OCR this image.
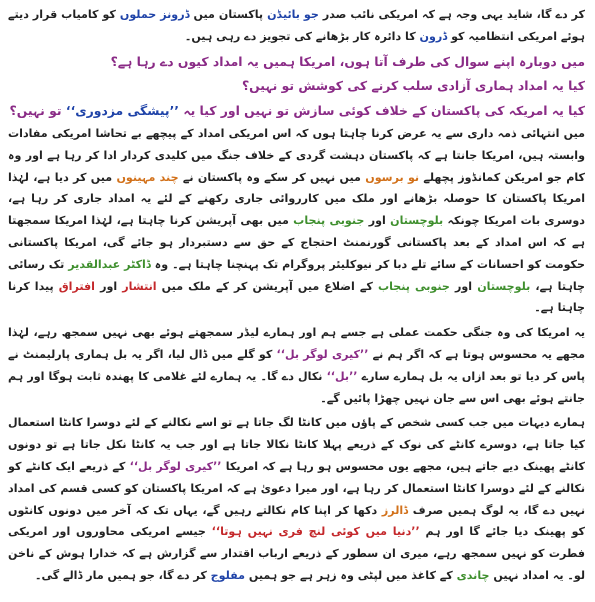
کر دے گا، شاید یہی وجہ ہے کہ امریکی نائب صدر جو بائیڈن پاکستان میں ڈرونز حملوں کو کامیاب قرار دیتے ہوئے امریکی انتظامیہ کو ڈرون کا دائرہ کار بڑھانے کی تجویز دے رہی ہیں۔

میں دوبارہ اپنے سوال کی طرف آتا ہوں، امریکا ہمیں یہ امداد کیوں دے رہا ہے؟

کیا یہ امداد ہماری آزادی سلب کرنے کی کوشش تو نہیں؟

کیا یہ امریکہ کی پاکستان کے خلاف کوئی سازش تو نہیں اور کیا یہ ’’پیشگی مزدوری‘‘ تو نہیں؟

میں انتہائی ذمہ داری سے یہ عرض کرنا چاہتا ہوں کہ اس امریکی امداد کے پیچھے بے تحاشا امریکی مفادات وابستہ ہیں، امریکا جانتا ہے کہ پاکستان دہشت گردی کے خلاف جنگ میں کلیدی کردار ادا کر رہا ہے اور وہ کام جو امریکن کمانڈوز پچھلے نو برسوں میں نہیں کر سکے وہ پاکستان نے چند مہینوں میں کر دیا ہے، لہٰذا امریکا پاکستان کا حوصلہ بڑھانے اور ملک میں کارروائی جاری رکھنے کے لئے یہ امداد جاری کر رہا ہے، دوسری بات امریکا چونکہ بلوچستان اور جنوبی پنجاب میں بھی آپریشن کرنا چاہتا ہے، لہٰذا امریکا سمجھتا ہے کہ اس امداد کے بعد پاکستانی گورنمنٹ احتجاج کے حق سے دستبردار ہو جائے گی، امریکا پاکستانی حکومت کو احسانات کے سائے تلے دبا کر نیوکلیئر پروگرام تک پہنچنا چاہتا ہے۔ وہ ڈاکٹر عبدالقدیر تک رسائی چاہتا ہے، بلوچستان اور جنوبی پنجاب کے اضلاع میں آپریشن کر کے ملک میں انتشار اور افتراق پیدا کرنا چاہتا ہے۔

یہ امریکا کی وہ جنگی حکمت عملی ہے جسے ہم اور ہمارے لیڈر سمجھتے ہوئے بھی نہیں سمجھ رہے، لہٰذا مجھے یہ محسوس ہوتا ہے کہ اگر ہم نے ’’کیری لوگر بل‘‘ کو گلے میں ڈال لیا، اگر یہ بل ہماری پارلیمنٹ نے پاس کر دیا تو بعد ازاں یہ بل ہمارے سارے ’’بل‘‘ نکال دے گا۔ یہ ہمارے لئے غلامی کا پھندہ ثابت ہوگا اور ہم جانتے ہوئے بھی اس سے جان نہیں چھڑا پائیں گے۔

ہمارے دیہات میں جب کسی شخص کے پاؤں میں کانٹا لگ جاتا ہے تو اسے نکالنے کے لئے دوسرا کانٹا استعمال کیا جاتا ہے، دوسرے کانٹے کی نوک کے ذریعے پہلا کانٹا نکالا جاتا ہے اور جب یہ کانٹا نکل جاتا ہے تو دونوں کانٹے پھینک دیے جاتے ہیں، مجھے یوں محسوس ہو رہا ہے کہ امریکا ’’کیری لوگر بل‘‘ کے ذریعے ایک کانٹے کو نکالنے کے لئے دوسرا کانٹا استعمال کر رہا ہے، اور میرا دعویٰ ہے کہ امریکا پاکستان کو کسی قسم کی امداد نہیں دے گا، یہ لوگ ہمیں صرف ڈالرز دکھا کر اپنا کام نکالتے رہیں گے، یہاں تک کہ آخر میں دونوں کانٹوں کو پھینک دیا جائے گا اور ہم ’’دنیا میں کوئی لنچ فری نہیں ہوتا‘‘ جیسے امریکی محاوروں اور امریکی فطرت کو نہیں سمجھ رہے، میری ان سطور کے ذریعے ارباب اقتدار سے گزارش ہے کہ خدارا ہوش کے ناخن لو۔ یہ امداد نہیں چاندی کے کاغذ میں لپٹی وہ زہر ہے جو ہمیں مفلوج کر دے گا، جو ہمیں مار ڈالے گی۔
